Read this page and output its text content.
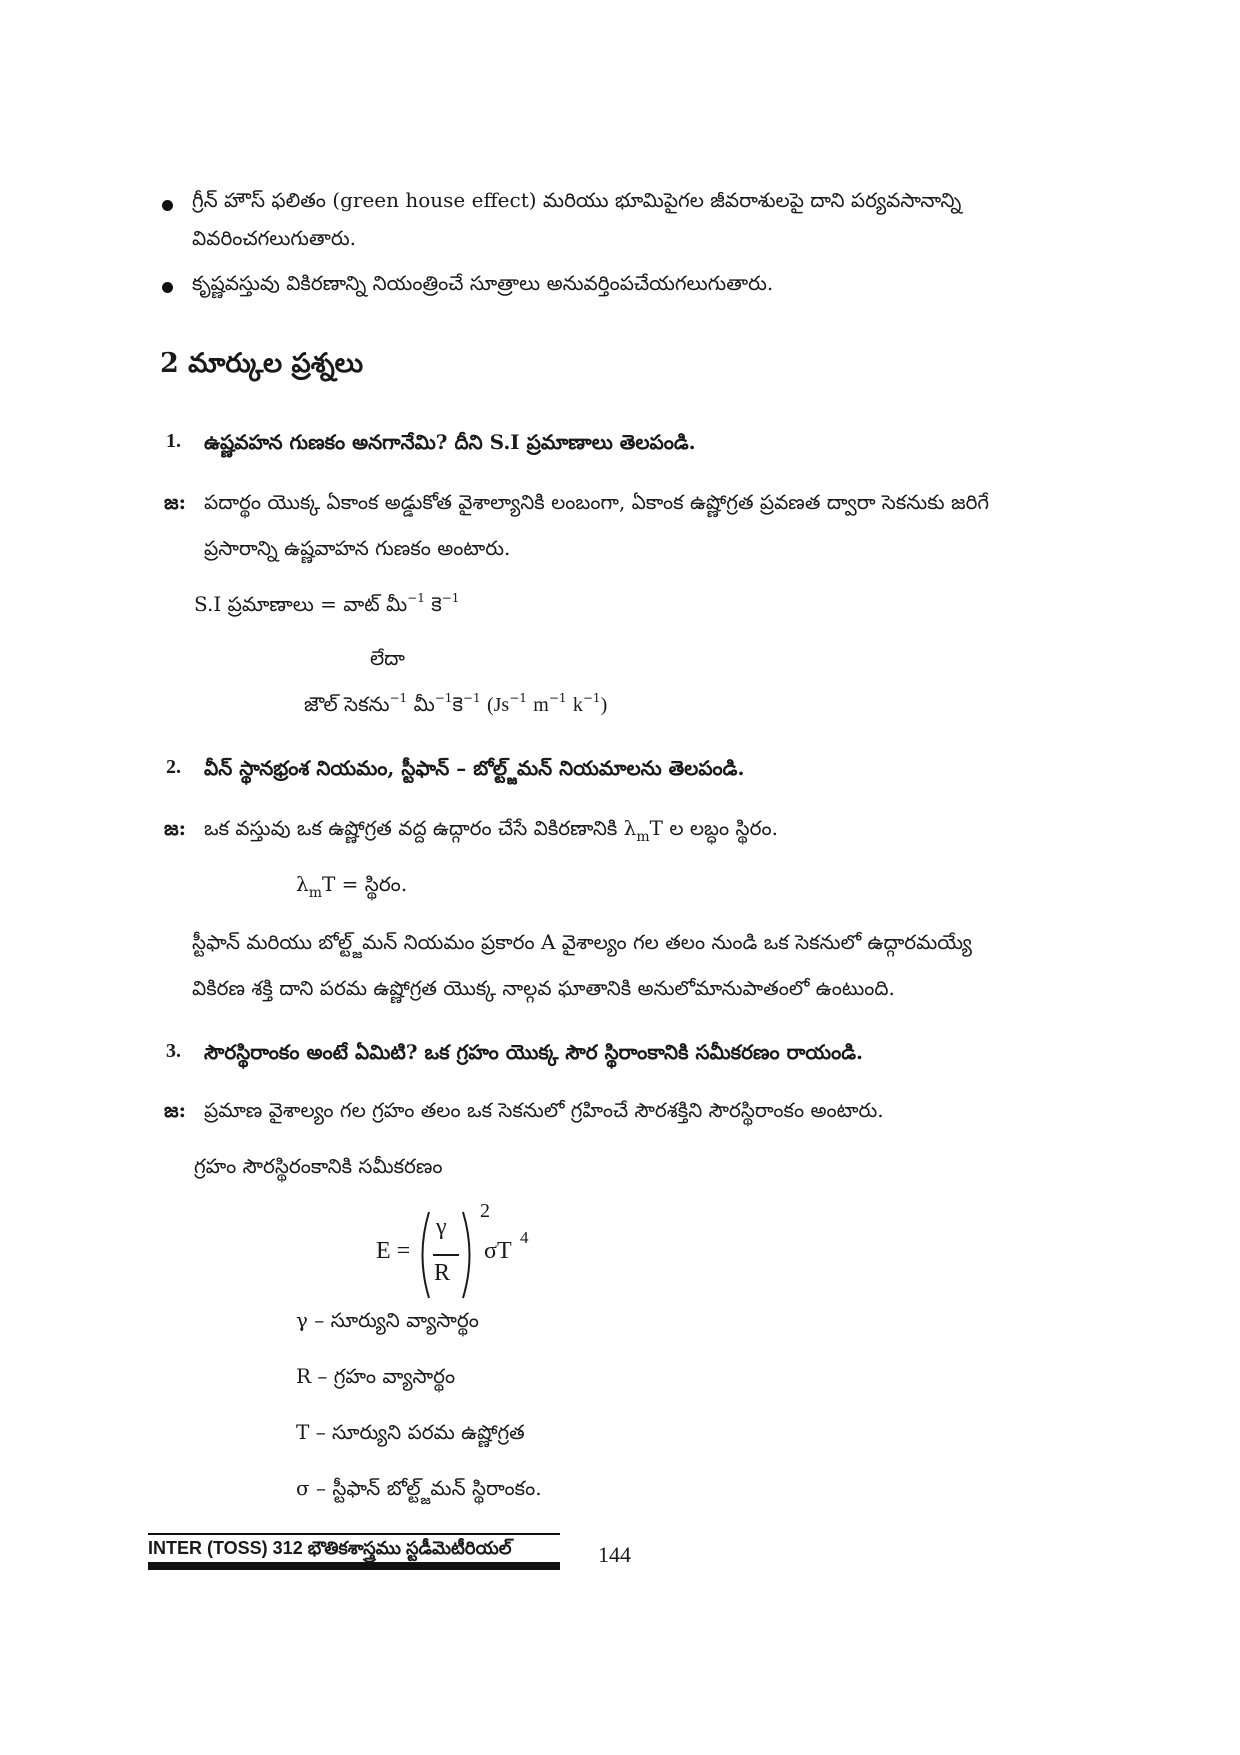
గ్రీన్ హౌస్ ఫలితం (green house effect) మరియు భూమిపైగల జీవరాశులపై దాని పర్యవసానాన్ని
వివరించగలుగుతారు.
కృష్ణవస్తువు వికిరణాన్ని నియంత్రించే సూత్రాలు అనువర్తింపచేయగలుగుతారు.
2 మార్కుల ప్రశ్నలు
1. ఉష్ణవహన గుణకం అనగానేమి? దీని S.I ప్రమాణాలు తెలపండి.
జ: పదార్థం యొక్క ఏకాంక అడ్డుకోత వైశాల్యానికి లంబంగా, ఏకాంక ఉష్ణోగ్రత ప్రవణత ద్వారా సెకనుకు జరిగే
ప్రసారాన్ని ఉష్ణవాహన గుణకం అంటారు.
S.I ప్రమాణాలు = వాట్ మీ$^{-1}$ కె$^{-1}$
లేదా
జౌల్ సెకను$^{-1}$ మీ$^{-1}$కె$^{-1}$ ($Js^{-1}$ $m^{-1}$ $k^{-1}$)
2. వీన్ స్థానభ్రంశ నియమం, స్టీఫాన్ – బోల్ట్జ్‌మన్ నియమాలను తెలపండి.
జ: ఒక వస్తువు ఒక ఉష్ణోగ్రత వద్ద ఉద్గారం చేసే వికిరణానికి $\lambda_mT$ ల లబ్ధం స్థిరం.
$\lambda_mT$ = స్థిరం.
స్టీఫాన్ మరియు బోల్ట్జ్‌మన్ నియమం ప్రకారం A వైశాల్యం గల తలం నుండి ఒక సెకనులో ఉద్గారమయ్యే
వికిరణ శక్తి దాని పరమ ఉష్ణోగ్రత యొక్క నాల్గవ ఘాతానికి అనులోమానుపాతంలో ఉంటుంది.
3. సౌరస్థిరాంకం అంటే ఏమిటి? ఒక గ్రహం యొక్క సౌర స్థిరాంకానికి సమీకరణం రాయండి.
జ: ప్రమాణ వైశాల్యం గల గ్రహం తలం ఒక సెకనులో గ్రహించే సౌరశక్తిని సౌరస్థిరాంకం అంటారు.
గ్రహం సౌరస్థిరంకానికి సమీకరణం
E =
γ
R
2
σT
4
γ – సూర్యుని వ్యాసార్థం
R – గ్రహం వ్యాసార్థం
T – సూర్యుని పరమ ఉష్ణోగ్రత
σ – స్టీఫాన్ బోల్ట్జ్‌మన్ స్థిరాంకం.
INTER (TOSS) 312 భౌతికశాస్త్రము స్టడీమెటీరియల్	144
